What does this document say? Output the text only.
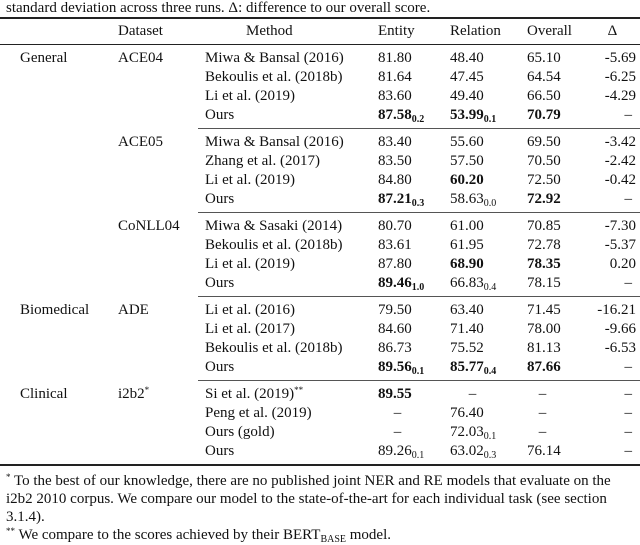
standard deviation across three runs. Δ: difference to our overall score.
	Dataset	Method	Entity	Relation	Overall	Δ
General	ACE04	Miwa & Bansal (2016)	81.80	48.40	65.10	-5.69
		Bekoulis et al. (2018b)	81.64	47.45	64.54	-6.25
		Li et al. (2019)	83.60	49.40	66.50	-4.29
		Ours	$87.58_{0.2}$	$53.99_{0.1}$	70.79	–
	ACE05	Miwa & Bansal (2016)	83.40	55.60	69.50	-3.42
		Zhang et al. (2017)	83.50	57.50	70.50	-2.42
		Li et al. (2019)	84.80	60.20	72.50	-0.42
		Ours	$87.21_{0.3}$	$58.63_{0.0}$	72.92	–
	CoNLL04	Miwa & Sasaki (2014)	80.70	61.00	70.85	-7.30
		Bekoulis et al. (2018b)	83.61	61.95	72.78	-5.37
		Li et al. (2019)	87.80	68.90	78.35	0.20
		Ours	$89.46_{1.0}$	$66.83_{0.4}$	78.15	–
Biomedical	ADE	Li et al. (2016)	79.50	63.40	71.45	-16.21
		Li et al. (2017)	84.60	71.40	78.00	-9.66
		Bekoulis et al. (2018b)	86.73	75.52	81.13	-6.53
		Ours	$89.56_{0.1}$	$85.77_{0.4}$	87.66	–
Clinical	i2b2*	Si et al. (2019)**	89.55	–	–	–
		Peng et al. (2019)	–	76.40	–	–
		Ours (gold)	–	$72.03_{0.1}$	–	–
		Ours	$89.26_{0.1}$	$63.02_{0.3}$	76.14	–
* To the best of our knowledge, there are no published joint NER and RE models that evaluate on the i2b2 2010 corpus. We compare our model to the state-of-the-art for each individual task (see section 3.1.4).
** We compare to the scores achieved by their $BERT_{BASE}$ model.
